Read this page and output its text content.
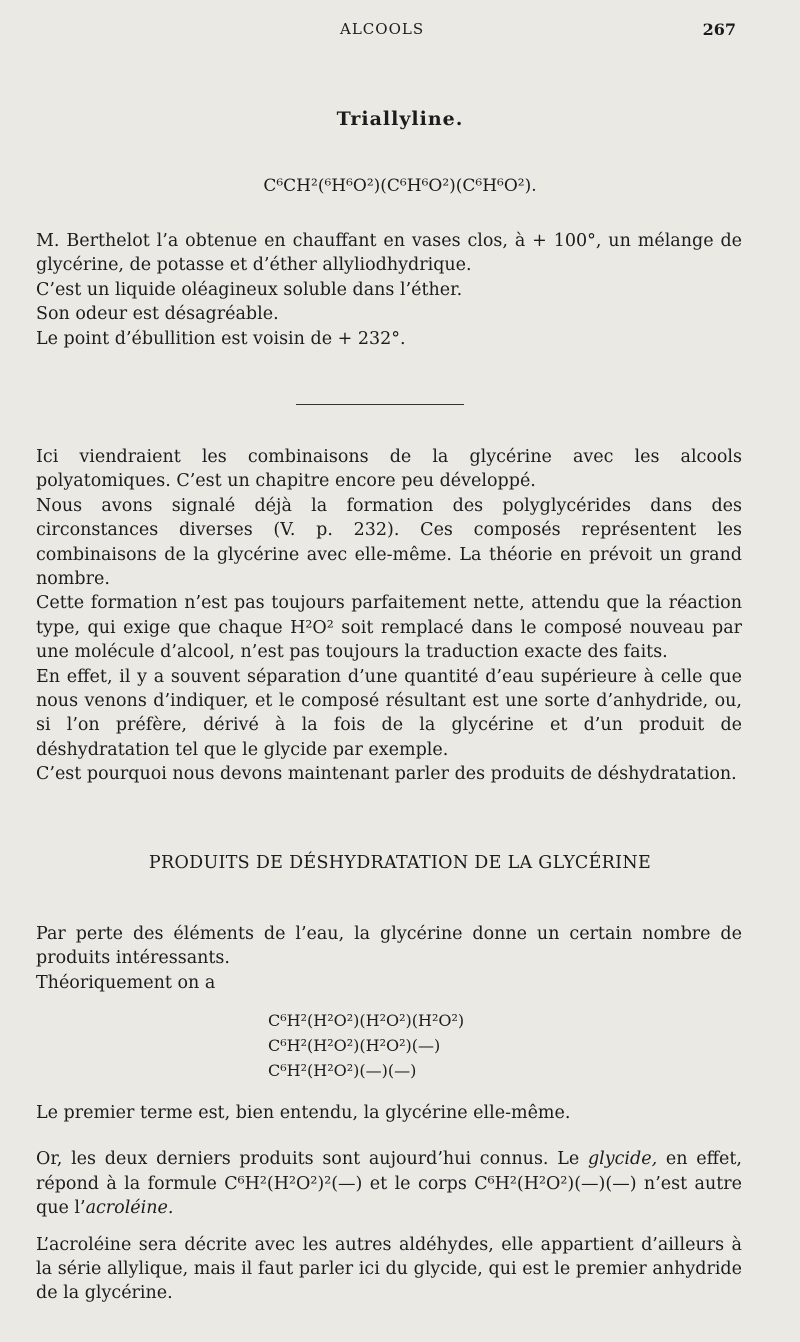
ALCOOLS	267
Triallyline.
C⁶CH²(⁶H⁶O²)(C⁶H⁶O²)(C⁶H⁶O²).

M. Berthelot l’a obtenue en chauffant en vases clos, à + 100°, un mélange de glycérine, de potasse et d’éther allyliodhydrique.

C’est un liquide oléagineux soluble dans l’éther.

Son odeur est désagréable.

Le point d’ébullition est voisin de + 232°.

Ici viendraient les combinaisons de la glycérine avec les alcools polyatomiques. C’est un chapitre encore peu développé.

Nous avons signalé déjà la formation des polyglycérides dans des circonstances diverses (V. p. 232). Ces composés représentent les combinaisons de la glycérine avec elle-même. La théorie en prévoit un grand nombre.

Cette formation n’est pas toujours parfaitement nette, attendu que la réaction type, qui exige que chaque H²O² soit remplacé dans le composé nouveau par une molécule d’alcool, n’est pas toujours la traduction exacte des faits.

En effet, il y a souvent séparation d’une quantité d’eau supérieure à celle que nous venons d’indiquer, et le composé résultant est une sorte d’anhydride, ou, si l’on préfère, dérivé à la fois de la glycérine et d’un produit de déshydratation tel que le glycide par exemple.

C’est pourquoi nous devons maintenant parler des produits de déshydratation.

PRODUITS DE DÉSHYDRATATION DE LA GLYCÉRINE

Par perte des éléments de l’eau, la glycérine donne un certain nombre de produits intéressants.

Théoriquement on a

C⁶H²(H²O²)(H²O²)(H²O²)
C⁶H²(H²O²)(H²O²)(—)
C⁶H²(H²O²)(—)(—)

Le premier terme est, bien entendu, la glycérine elle-même.

Or, les deux derniers produits sont aujourd’hui connus. Le glycide, en effet, répond à la formule C⁶H²(H²O²)²(—) et le corps C⁶H²(H²O²)(—)(—) n’est autre que l’acroléine.

L’acroléine sera décrite avec les autres aldéhydes, elle appartient d’ailleurs à la série allylique, mais il faut parler ici du glycide, qui est le premier anhydride de la glycérine.
